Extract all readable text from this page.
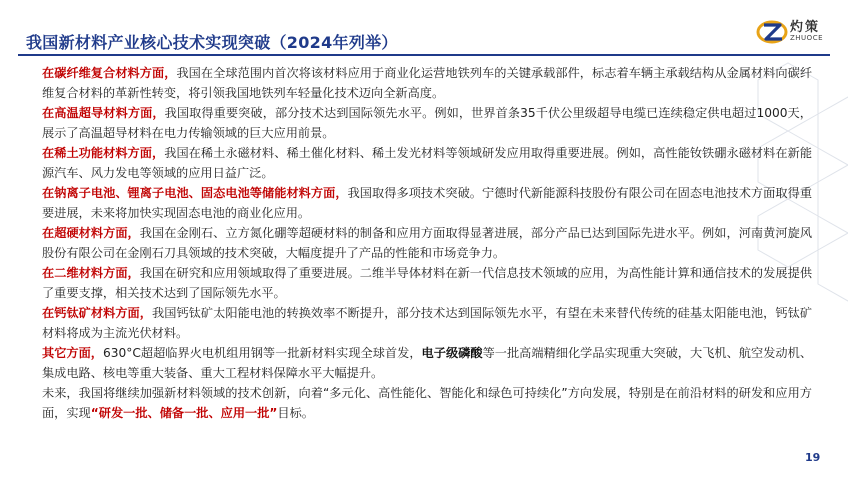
我国新材料产业核心技术实现突破（2024年列举）
灼策
ZHUOCE
在碳纤维复合材料方面，我国在全球范围内首次将该材料应用于商业化运营地铁列车的关键承载部件，标志着车辆主承载结构从金属材料向碳纤维复合材料的革新性转变，将引领我国地铁列车轻量化技术迈向全新高度。
在高温超导材料方面，我国取得重要突破，部分技术达到国际领先水平。例如，世界首条35千伏公里级超导电缆已连续稳定供电超过1000天，展示了高温超导材料在电力传输领域的巨大应用前景。
在稀土功能材料方面，我国在稀土永磁材料、稀土催化材料、稀土发光材料等领域研发应用取得重要进展。例如，高性能钕铁硼永磁材料在新能源汽车、风力发电等领域的应用日益广泛。
在钠离子电池、锂离子电池、固态电池等储能材料方面，我国取得多项技术突破。宁德时代新能源科技股份有限公司在固态电池技术方面取得重要进展，未来将加快实现固态电池的商业化应用。
在超硬材料方面，我国在金刚石、立方氮化硼等超硬材料的制备和应用方面取得显著进展，部分产品已达到国际先进水平。例如，河南黄河旋风股份有限公司在金刚石刀具领域的技术突破，大幅度提升了产品的性能和市场竞争力。
在二维材料方面，我国在研究和应用领域取得了重要进展。二维半导体材料在新一代信息技术领域的应用，为高性能计算和通信技术的发展提供了重要支撑，相关技术达到了国际领先水平。
在钙钛矿材料方面，我国钙钛矿太阳能电池的转换效率不断提升，部分技术达到国际领先水平，有望在未来替代传统的硅基太阳能电池，钙钛矿材料将成为主流光伏材料。
其它方面，630°C超超临界火电机组用钢等一批新材料实现全球首发，电子级磷酸等一批高端精细化学品实现重大突破，大飞机、航空发动机、集成电路、核电等重大装备、重大工程材料保障水平大幅提升。
未来，我国将继续加强新材料领域的技术创新，向着“多元化、高性能化、智能化和绿色可持续化”方向发展，特别是在前沿材料的研发和应用方面，实现“研发一批、储备一批、应用一批”目标。
19
